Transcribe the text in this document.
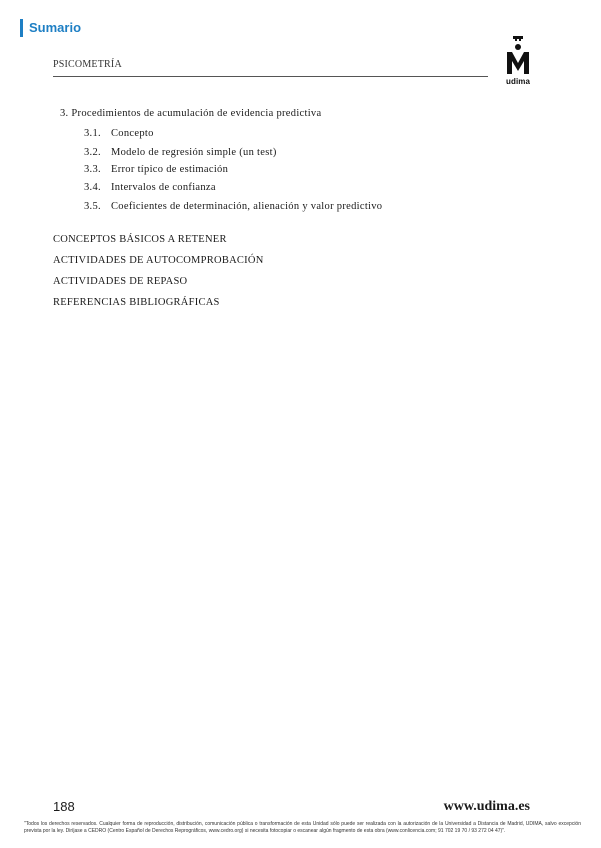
Sumario
PSICOMETRÍA
udima
3. Procedimientos de acumulación de evidencia predictiva
3.1. Concepto
3.2. Modelo de regresión simple (un test)
3.3. Error típico de estimación
3.4. Intervalos de confianza
3.5. Coeficientes de determinación, alienación y valor predictivo
CONCEPTOS BÁSICOS A RETENER
ACTIVIDADES DE AUTOCOMPROBACIÓN
ACTIVIDADES DE REPASO
REFERENCIAS BIBLIOGRÁFICAS
188	www.udima.es
"Todos los derechos reservados. Cualquier forma de reproducción, distribución, comunicación pública o transformación de esta Unidad sólo puede ser realizada con la autorización de la Universidad a Distancia de Madrid, UDIMA, salvo excepción prevista por la ley. Diríjase a CEDRO (Centro Español de Derechos Reprográficos, www.cedro.org) si necesita fotocopiar o escanear algún fragmento de esta obra (www.conlicencia.com; 91 702 19 70 / 93 272 04 47)".
